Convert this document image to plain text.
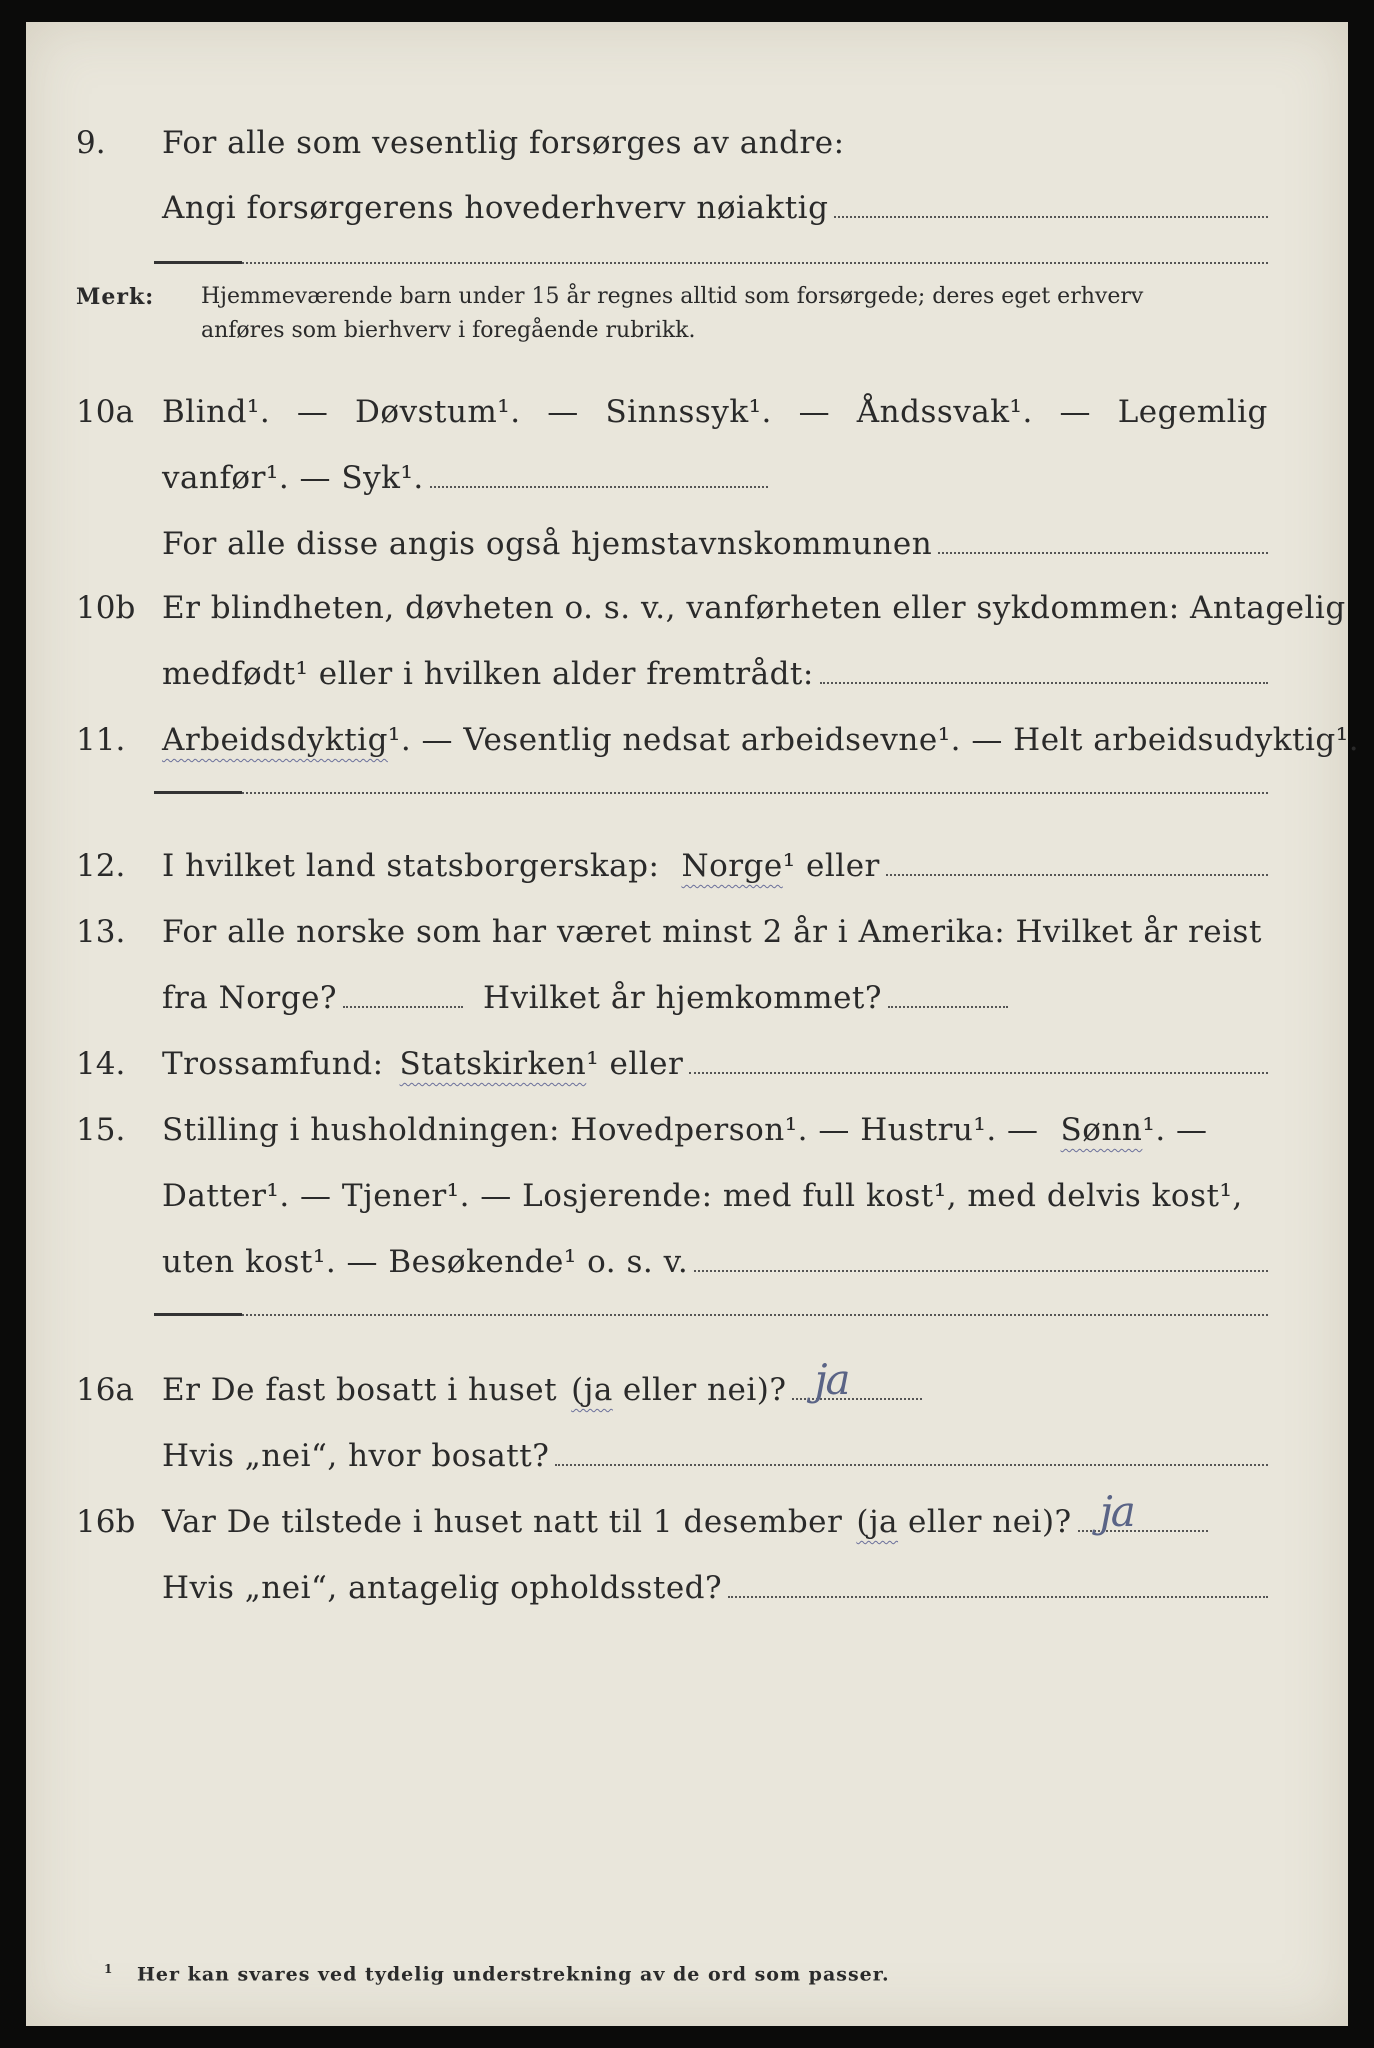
9. For alle som vesentlig forsørges av andre:
Angi forsørgerens hovederhverv nøiaktig
Merk: Hjemmeværende barn under 15 år regnes alltid som forsørgede; deres eget erhverv
anføres som bierhverv i foregående rubrikk.
10a Blind¹. — Døvstum¹. — Sinnssyk¹. — Åndssvak¹. — Legemlig
vanfør¹. — Syk¹.
For alle disse angis også hjemstavnskommunen
10b Er blindheten, døvheten o. s. v., vanførheten eller sykdommen: Antagelig
medfødt¹ eller i hvilken alder fremtrådt:
11. Arbeidsdyktig ¹. — Vesentlig nedsat arbeidsevne¹. — Helt arbeidsudyktig¹.
12. I hvilket land statsborgerskap: Norge ¹ eller
13. For alle norske som har været minst 2 år i Amerika: Hvilket år reist
fra Norge?	Hvilket år hjemkommet?
14. Trossamfund: Statskirken ¹ eller
15. Stilling i husholdningen: Hovedperson¹. — Hustru¹. — Sønn ¹. —
Datter¹. — Tjener¹. — Losjerende: med full kost¹, med delvis kost¹,
uten kost¹. — Besøkende¹ o. s. v.
16a Er De fast bosatt i huset (ja eller nei)? ja
Hvis „nei“, hvor bosatt?
16b Var De tilstede i huset natt til 1 desember (ja eller nei)? ja
Hvis „nei“, antagelig opholdssted?
$^1$ Her kan svares ved tydelig understrekning av de ord som passer.
